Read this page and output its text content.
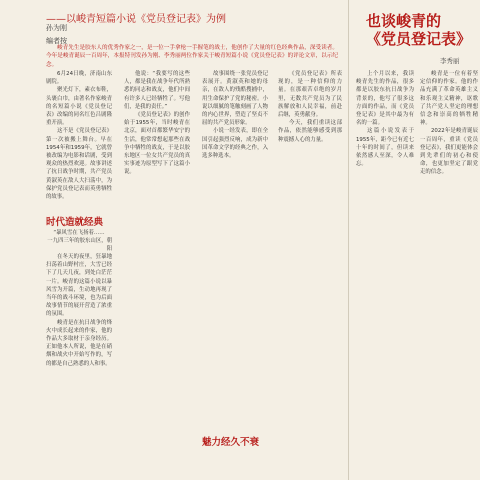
——以峻青短篇小说《党员登记表》为例
孙为刚
编者按
峻青先生是胶东人的优秀作家之一，是一位一手拿枪一手握笔的战士，他创作了大量的红色经典作品，深受读者。今年是峻青诞辰一百周年，本报特刊发孙为刚、李秀丽两位作家关于峻青短篇小说《党员登记表》的评论文章，以示纪念。

6月24日晚，济南山东剧院。

聚光灯下，素衣布鞋，头裹白巾，由著名作家峻青的名短篇小说《党员登记表》改编的同名红色吕剧隆重开演。

这不是《党员登记表》第一次被搬上舞台。早在1954年和1959年，它就曾被改编为电影和话剧，受到观众的热烈欢迎。故事讲述了抗日战争时期，共产党员黄淑英在敌人大扫荡中，为保护党员登记表而英勇牺牲的故事。

时代造就经典
“暴风雪在飞扬着……
一九四三年的胶东山区，朝阳

在冬天的夜里，狂暴地扫荡着山野村庄，大雪已经下了几天几夜，到处白茫茫一片。峻青的这篇小说以暴风雪为开篇，生动地再现了当年的战斗环境，也为后面故事情节的展开营造了浓重的氛围。

峻青是在抗日战争的烽火中成长起来的作家，他的作品大多取材于亲身经历。正如他本人所说，他是在硝烟和战火中开始写作的，写的都是自己熟悉的人和事。

他说：“我要写的这些人，都是我在战争年代所熟悉的同志和战友，他们中间有许多人已经牺牲了。写他们，是我的责任。”

《党员登记表》的创作始于1955年，当时峻青在北京，面对首都繁华安宁的生活，他常常想起那些在战争中牺牲的战友，于是以胶东地区一位女共产党员的真实事迹为原型写下了这篇小说。

故事围绕一张党员登记表展开。黄淑英和她的母亲，在敌人的残酷搜捕中，用生命保护了党的秘密。小说以细腻的笔触刻画了人物的内心世界，塑造了坚贞不屈的共产党员形象。

小说一经发表，即在全国引起强烈反响，成为新中国革命文学的经典之作，入选多种选本。

魅力经久不衰

《党员登记表》所表现的，是一种信仰的力量。在那艰苦卓绝的岁月里，无数共产党员为了民族解放和人民幸福，前赴后继，英勇献身。

今天，我们重读这部作品，依然能够感受到那种震撼人心的力量。

也谈峻青的
《党员登记表》
李秀丽

上个月以来，我读峻青先生的作品，很多都是以胶东抗日战争为背景的，他写了很多这方面的作品，而《党员登记表》是其中最为有名的一篇。

这篇小说发表于1955年，距今已有近七十年的时间了，但读来依然感人至深，令人难忘。

峻青是一位有着坚定信仰的作家。他的作品充满了革命英雄主义和乐观主义精神，讴歌了共产党人坚定的理想信念和崇高的牺牲精神。

2022年是峻青诞辰一百周年，重读《党员登记表》，我们更能体会到先辈们的初心和使命，也更加坚定了跟党走的信念。
